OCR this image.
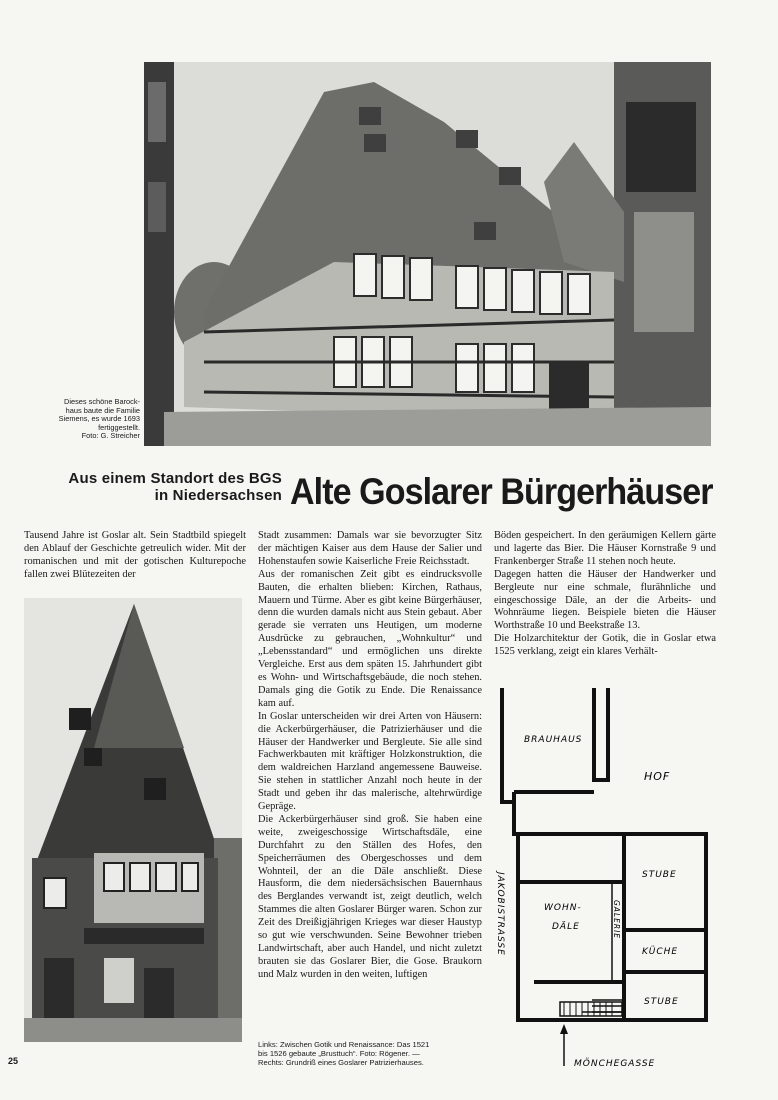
Dieses schöne Barock-
haus baute die Familie
Siemens, es wurde 1693
fertiggestellt.
Foto: G. Streicher
Aus einem Standort des BGS
in Niedersachsen Alte Goslarer Bürgerhäuser

Tausend Jahre ist Goslar alt. Sein Stadtbild spiegelt den Ablauf der Geschichte getreulich wider. Mit der romanischen und mit der gotischen Kulturepoche fallen zwei Blütezeiten der

Stadt zusammen: Damals war sie bevorzugter Sitz der mächtigen Kaiser aus dem Hause der Salier und Hohenstaufen sowie Kaiserliche Freie Reichsstadt.

Aus der romanischen Zeit gibt es eindrucksvolle Bauten, die erhalten blieben: Kirchen, Rathaus, Mauern und Türme. Aber es gibt keine Bürgerhäuser, denn die wurden damals nicht aus Stein gebaut. Aber gerade sie verraten uns Heutigen, um moderne Ausdrücke zu gebrauchen, „Wohnkultur“ und „Lebensstandard“ und ermöglichen uns direkte Vergleiche. Erst aus dem späten 15. Jahrhundert gibt es Wohn- und Wirtschaftsgebäude, die noch stehen. Damals ging die Gotik zu Ende. Die Renaissance kam auf.

In Goslar unterscheiden wir drei Arten von Häusern: die Ackerbürgerhäuser, die Patrizierhäuser und die Häuser der Handwerker und Bergleute. Sie alle sind Fachwerkbauten mit kräftiger Holzkonstruktion, die dem waldreichen Harzland angemessene Bauweise. Sie stehen in stattlicher Anzahl noch heute in der Stadt und geben ihr das malerische, altehrwürdige Gepräge.

Die Ackerbürgerhäuser sind groß. Sie haben eine weite, zweigeschossige Wirtschaftsdäle, eine Durchfahrt zu den Ställen des Hofes, den Speicherräumen des Obergeschosses und dem Wohnteil, der an die Däle anschließt. Diese Hausform, die dem niedersächsischen Bauernhaus des Berglandes verwandt ist, zeigt deutlich, welch Stammes die alten Goslarer Bürger waren. Schon zur Zeit des Dreißigjährigen Krieges war dieser Haustyp so gut wie verschwunden. Seine Bewohner trieben Landwirtschaft, aber auch Handel, und nicht zuletzt brauten sie das Goslarer Bier, die Gose. Braukorn und Malz wurden in den weiten, luftigen

Böden gespeichert. In den geräumigen Kellern gärte und lagerte das Bier. Die Häuser Kornstraße 9 und Frankenberger Straße 11 stehen noch heute.

Dagegen hatten die Häuser der Handwerker und Bergleute nur eine schmale, flurähnliche und eingeschossige Däle, an der die Arbeits- und Wohnräume liegen. Beispiele bieten die Häuser Worthstraße 10 und Beekstraße 13.

Die Holzarchitektur der Gotik, die in Goslar etwa 1525 verklang, zeigt ein klares Verhält-

BRAUHAUS
HOF
STUBE
WOHN-
DÄLE
KÜCHE
STUBE
GALERIE
JAKOBISTRASSE
MÖNCHEGASSE
Links: Zwischen Gotik und Renaissance: Das 1521
bis 1526 gebaute „Brusttuch“. Foto: Rögener. —
Rechts: Grundriß eines Goslarer Patrizierhauses.
25
